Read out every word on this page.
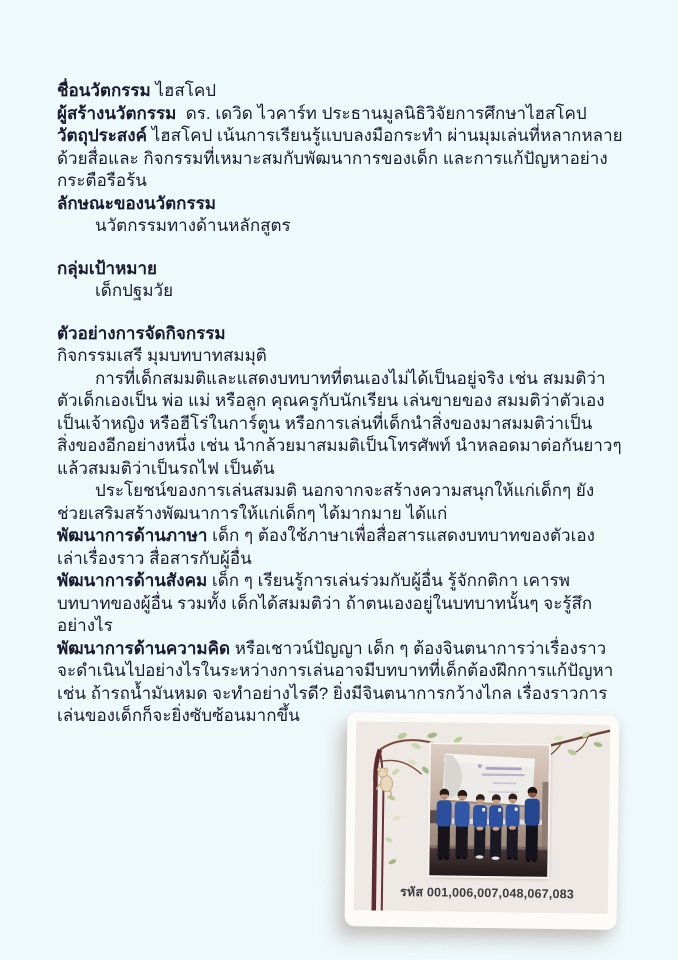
ชื่อนวัตกรรม ไฮสโคป

ผู้สร้างนวัตกรรม ดร. เดวิด ไวคาร์ท ประธานมูลนิธิวิจัยการศึกษาไฮสโคป

วัตถุประสงค์ ไฮสโคป เน้นการเรียนรู้แบบลงมือกระทำ ผ่านมุมเล่นที่หลากหลาย ด้วยสื่อและ กิจกรรมที่เหมาะสมกับพัฒนาการของเด็ก และการแก้ปัญหาอย่างกระตือรือร้น

ลักษณะของนวัตกรรม

นวัตกรรมทางด้านหลักสูตร

กลุ่มเป้าหมาย

เด็กปฐมวัย

ตัวอย่างการจัดกิจกรรม

กิจกรรมเสรี มุมบทบาทสมมุติ

การที่เด็กสมมติและแสดงบทบาทที่ตนเองไม่ได้เป็นอยู่จริง เช่น สมมติว่าตัวเด็กเองเป็น พ่อ แม่ หรือลูก คุณครูกับนักเรียน เล่นขายของ สมมติว่าตัวเองเป็นเจ้าหญิง หรือฮีโร่ในการ์ตูน หรือการเล่นที่เด็กนำสิ่งของมาสมมติว่าเป็นสิ่งของอีกอย่างหนึ่ง เช่น นำกล้วยมาสมมติเป็นโทรศัพท์ นำหลอดมาต่อกันยาวๆแล้วสมมติว่าเป็นรถไฟ เป็นต้น

ประโยชน์ของการเล่นสมมติ นอกจากจะสร้างความสนุกให้แก่เด็กๆ ยังช่วยเสริมสร้างพัฒนาการให้แก่เด็กๆ ได้มากมาย ได้แก่

พัฒนาการด้านภาษา เด็ก ๆ ต้องใช้ภาษาเพื่อสื่อสารแสดงบทบาทของตัวเอง เล่าเรื่องราว สื่อสารกับผู้อื่น

พัฒนาการด้านสังคม เด็ก ๆ เรียนรู้การเล่นร่วมกับผู้อื่น รู้จักกติกา เคารพบทบาทของผู้อื่น รวมทั้ง เด็กได้สมมติว่า ถ้าตนเองอยู่ในบทบาทนั้นๆ จะรู้สึกอย่างไร

พัฒนาการด้านความคิด หรือเชาวน์ปัญญา เด็ก ๆ ต้องจินตนาการว่าเรื่องราวจะดำเนินไปอย่างไรในระหว่างการเล่นอาจมีบทบาทที่เด็กต้องฝึกการแก้ปัญหา เช่น ถ้ารถน้ำมันหมด จะทำอย่างไรดี? ยิ่งมีจินตนาการกว้างไกล เรื่องราวการเล่นของเด็กก็จะยิ่งซับซ้อนมากขึ้น

รหัส 001,006,007,048,067,083
